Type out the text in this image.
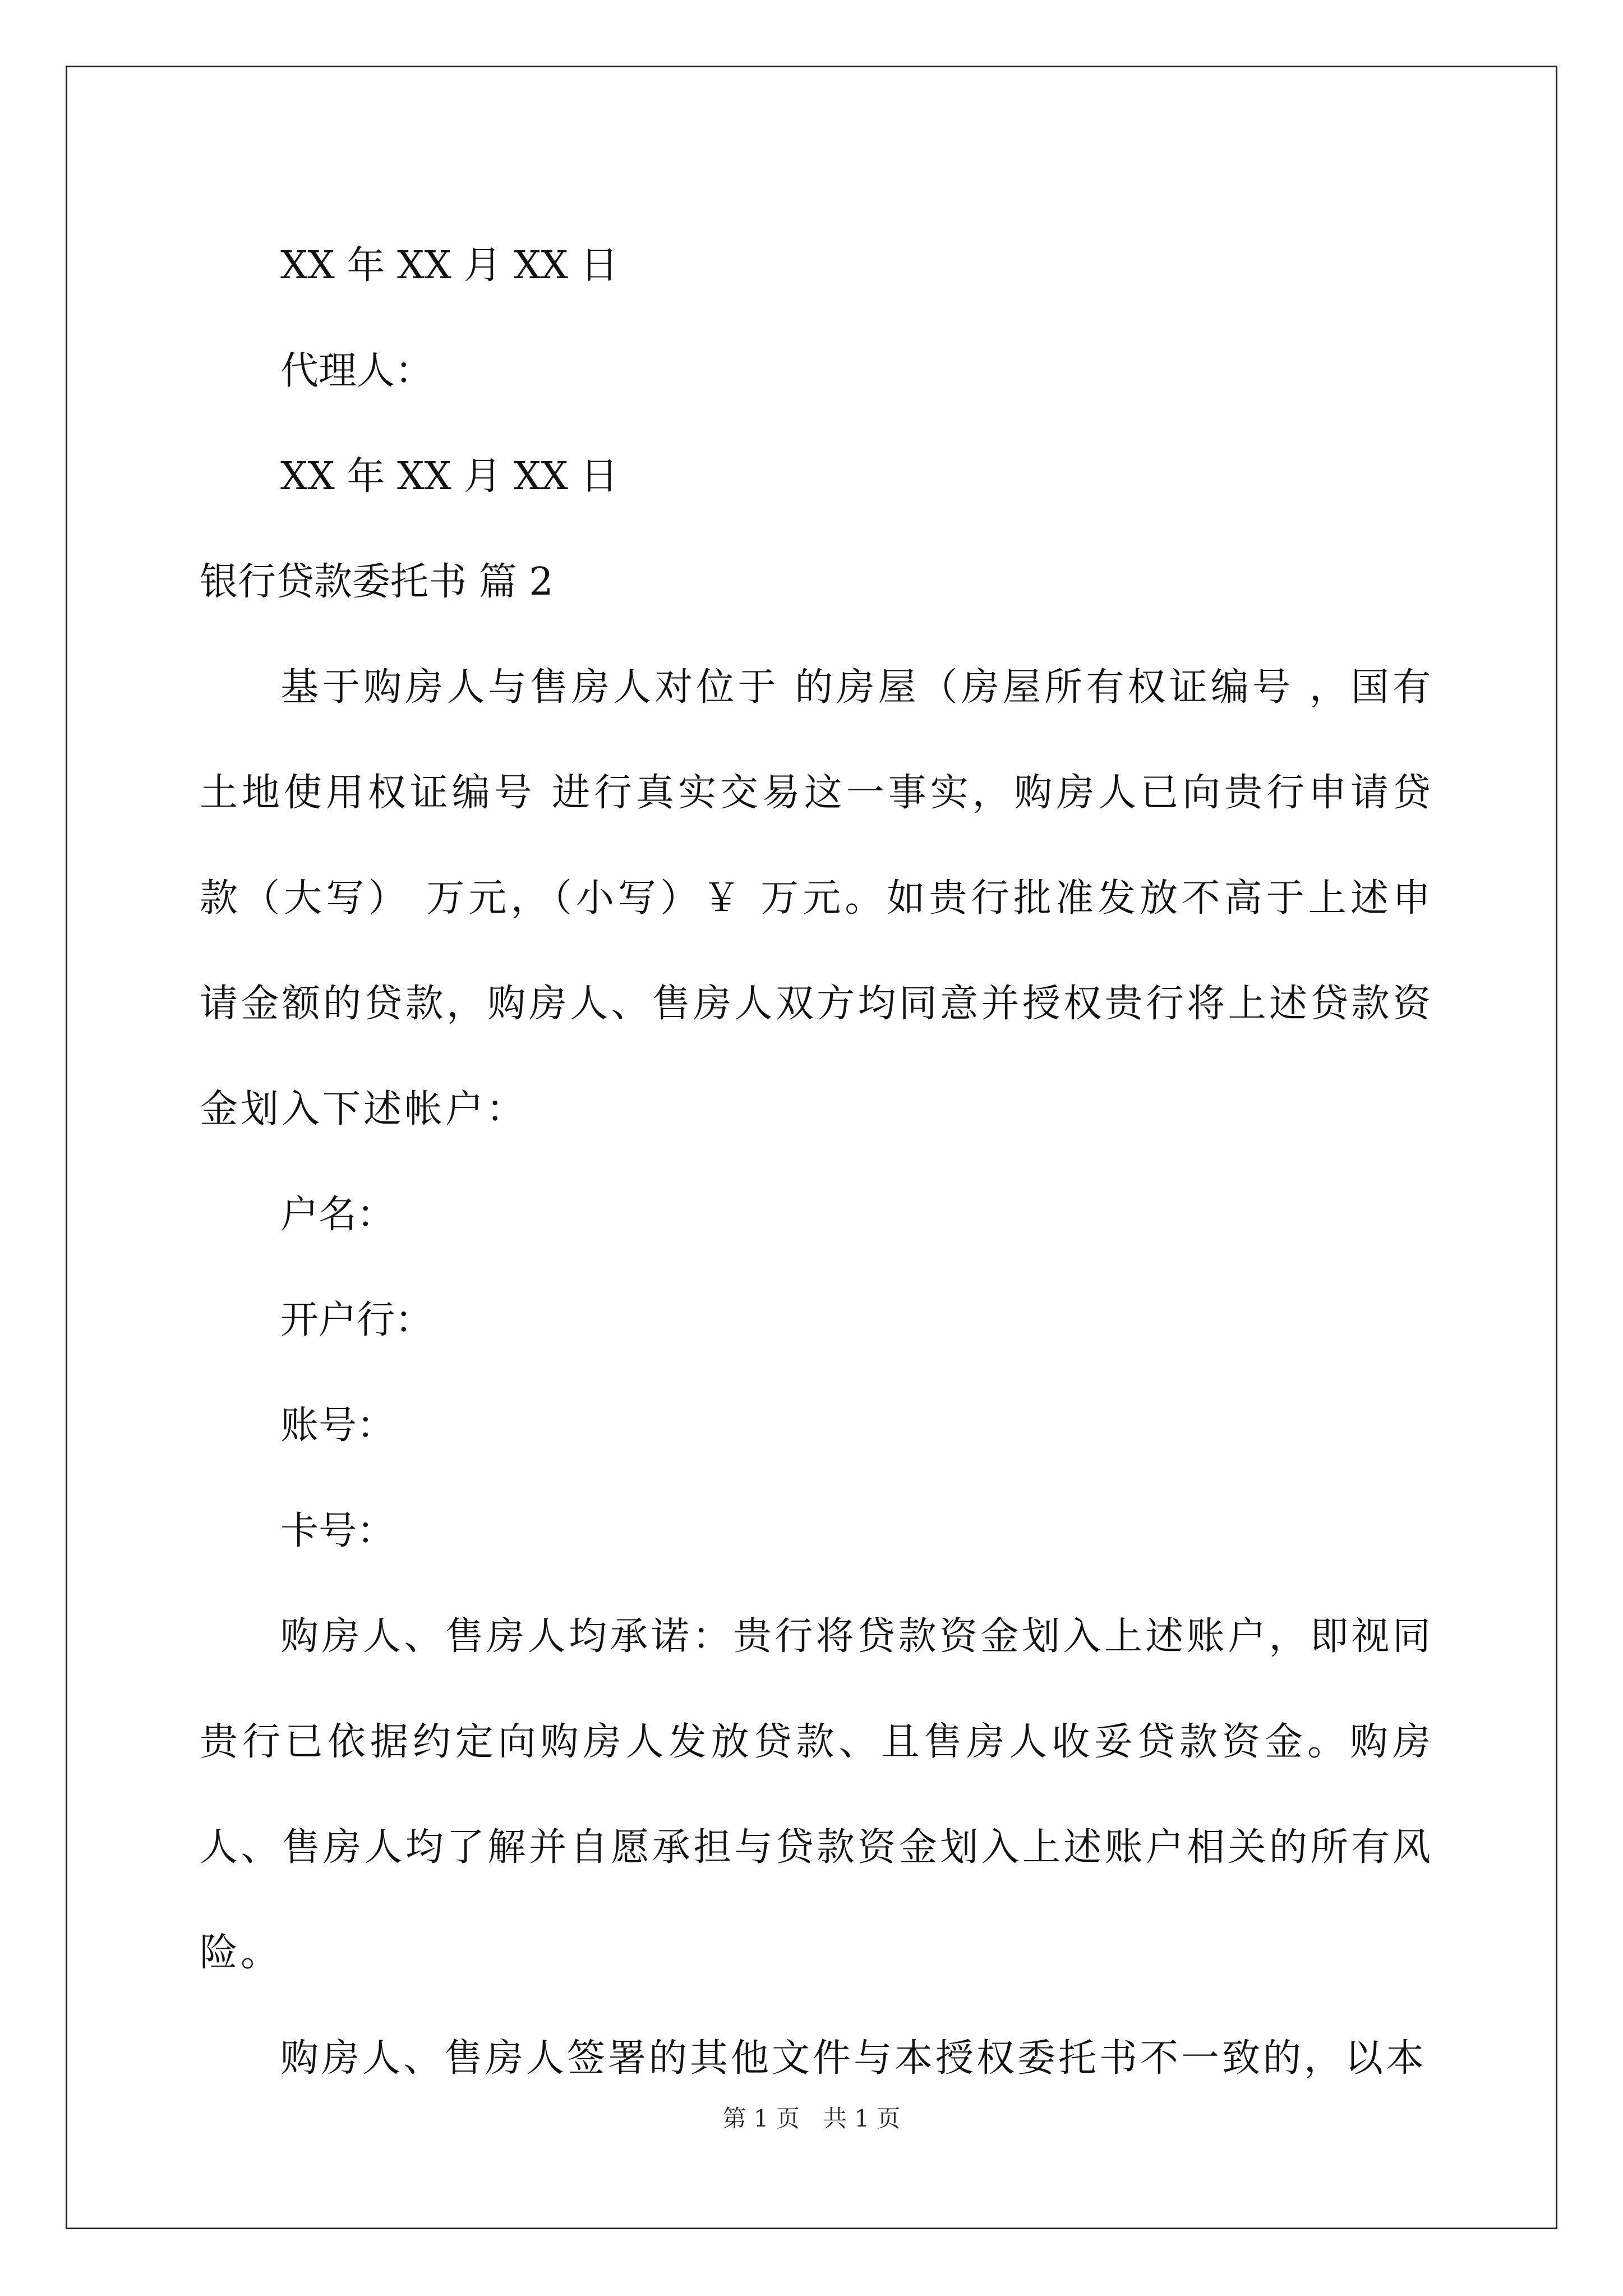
XX 年 XX 月 XX 日

代理人：

XX 年 XX 月 XX 日

银行贷款委托书 篇 2

基于购房人与售房人对位于 的房屋（房屋所有权证编号 ，国有土地使用权证编号 进行真实交易这一事实，购房人已向贵行申请贷款（大写） 万元，（小写）￥ 万元。如贵行批准发放不高于上述申请金额的贷款，购房人、售房人双方均同意并授权贵行将上述贷款资金划入下述帐户：

户名：

开户行：

账号：

卡号：

购房人、售房人均承诺：贵行将贷款资金划入上述账户，即视同贵行已依据约定向购房人发放贷款、且售房人收妥贷款资金。购房人、售房人均了解并自愿承担与贷款资金划入上述账户相关的所有风险。

购房人、售房人签署的其他文件与本授权委托书不一致的，以本

第 1 页　共 1 页
